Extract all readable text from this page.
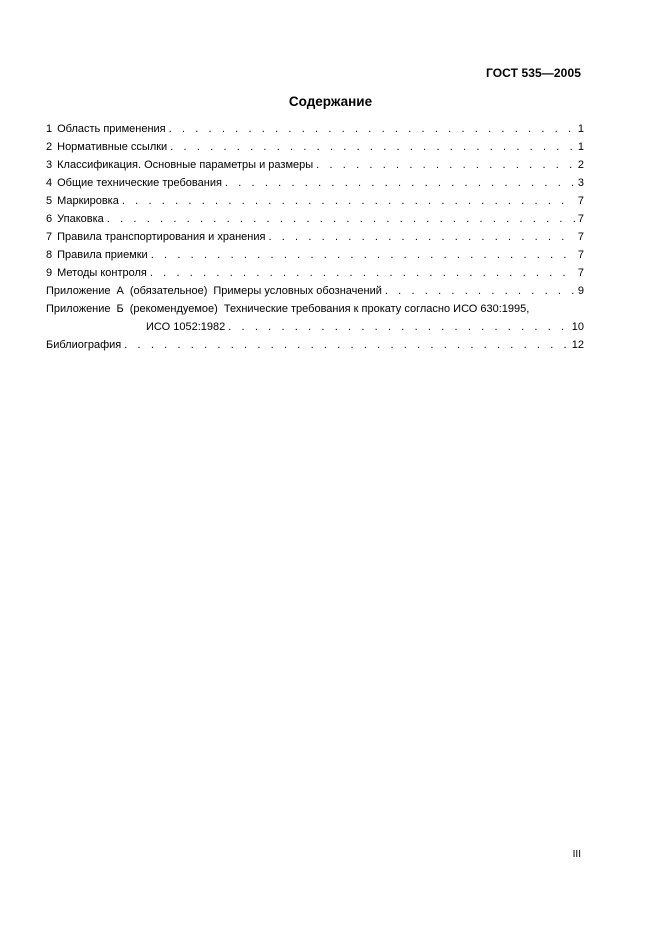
ГОСТ 535—2005
Содержание
1 Область применения . . .	1
2 Нормативные ссылки . . .	1
3 Классификация. Основные параметры и размеры . . .	2
4 Общие технические требования . . .	3
5 Маркировка . . .	7
6 Упаковка . . .	7
7 Правила транспортирования и хранения . . .	7
8 Правила приемки . . .	7
9 Методы контроля . . .	7
Приложение А (обязательное) Примеры условных обозначений . . .	9
Приложение Б (рекомендуемое) Технические требования к прокату согласно ИСО 630:1995,
ИСО 1052:1982 . . .	10
Библиография . . .	12
III
